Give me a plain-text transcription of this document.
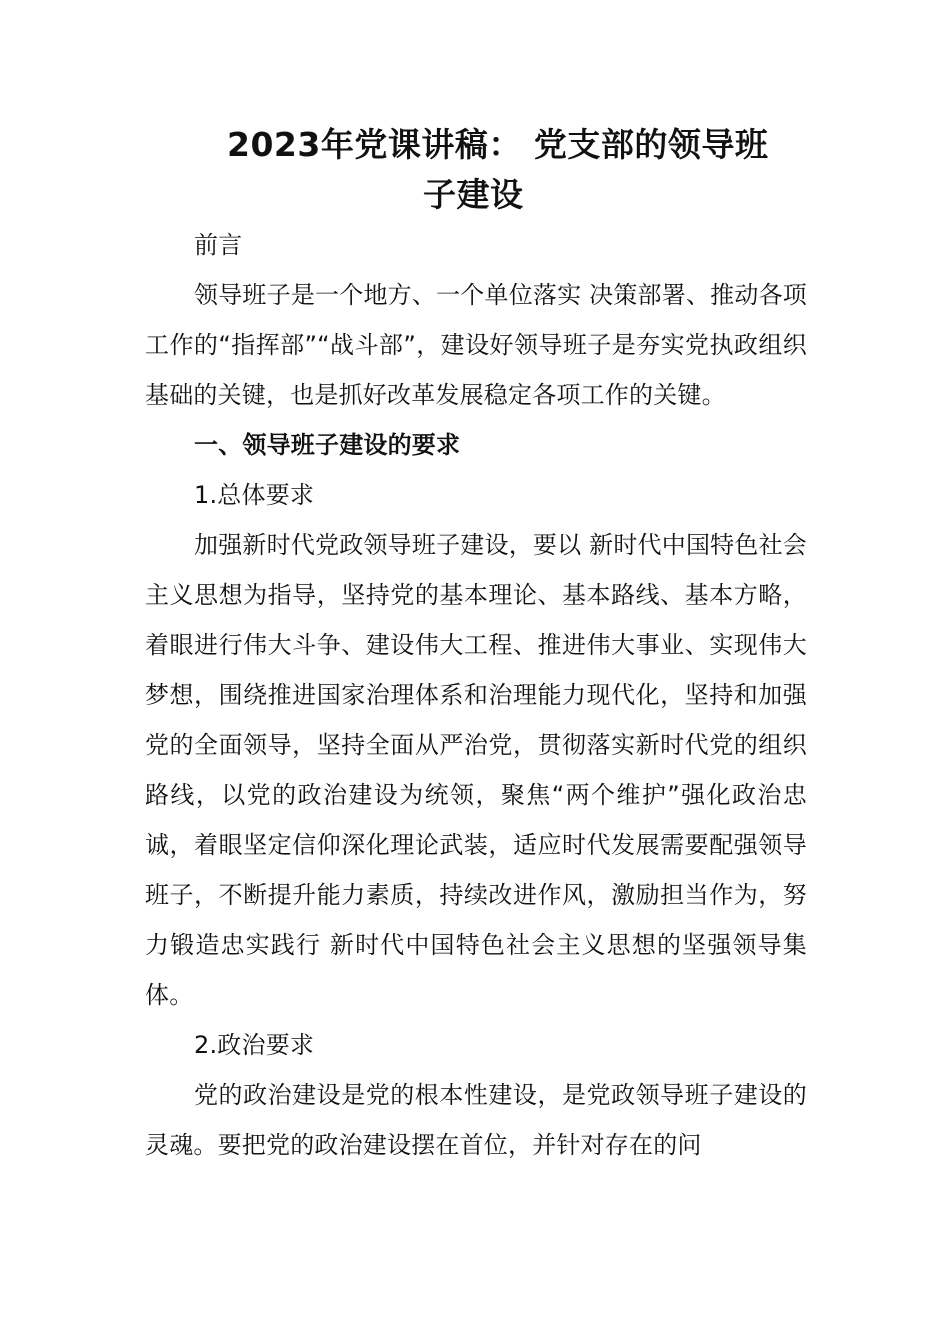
2023年党课讲稿： 党支部的领导班
子建设

前言

领导班子是一个地方、一个单位落实 决策部署、推动各项工作的“指挥部”“战斗部”，建设好领导班子是夯实党执政组织基础的关键，也是抓好改革发展稳定各项工作的关键。

一、领导班子建设的要求

1.总体要求

加强新时代党政领导班子建设，要以 新时代中国特色社会主义思想为指导，坚持党的基本理论、基本路线、基本方略，着眼进行伟大斗争、建设伟大工程、推进伟大事业、实现伟大梦想，围绕推进国家治理体系和治理能力现代化，坚持和加强党的全面领导，坚持全面从严治党，贯彻落实新时代党的组织路线，以党的政治建设为统领，聚焦“两个维护”强化政治忠诚，着眼坚定信仰深化理论武装，适应时代发展需要配强领导班子，不断提升能力素质，持续改进作风，激励担当作为，努力锻造忠实践行 新时代中国特色社会主义思想的坚强领导集体。

2.政治要求

党的政治建设是党的根本性建设，是党政领导班子建设的灵魂。要把党的政治建设摆在首位，并针对存在的问
